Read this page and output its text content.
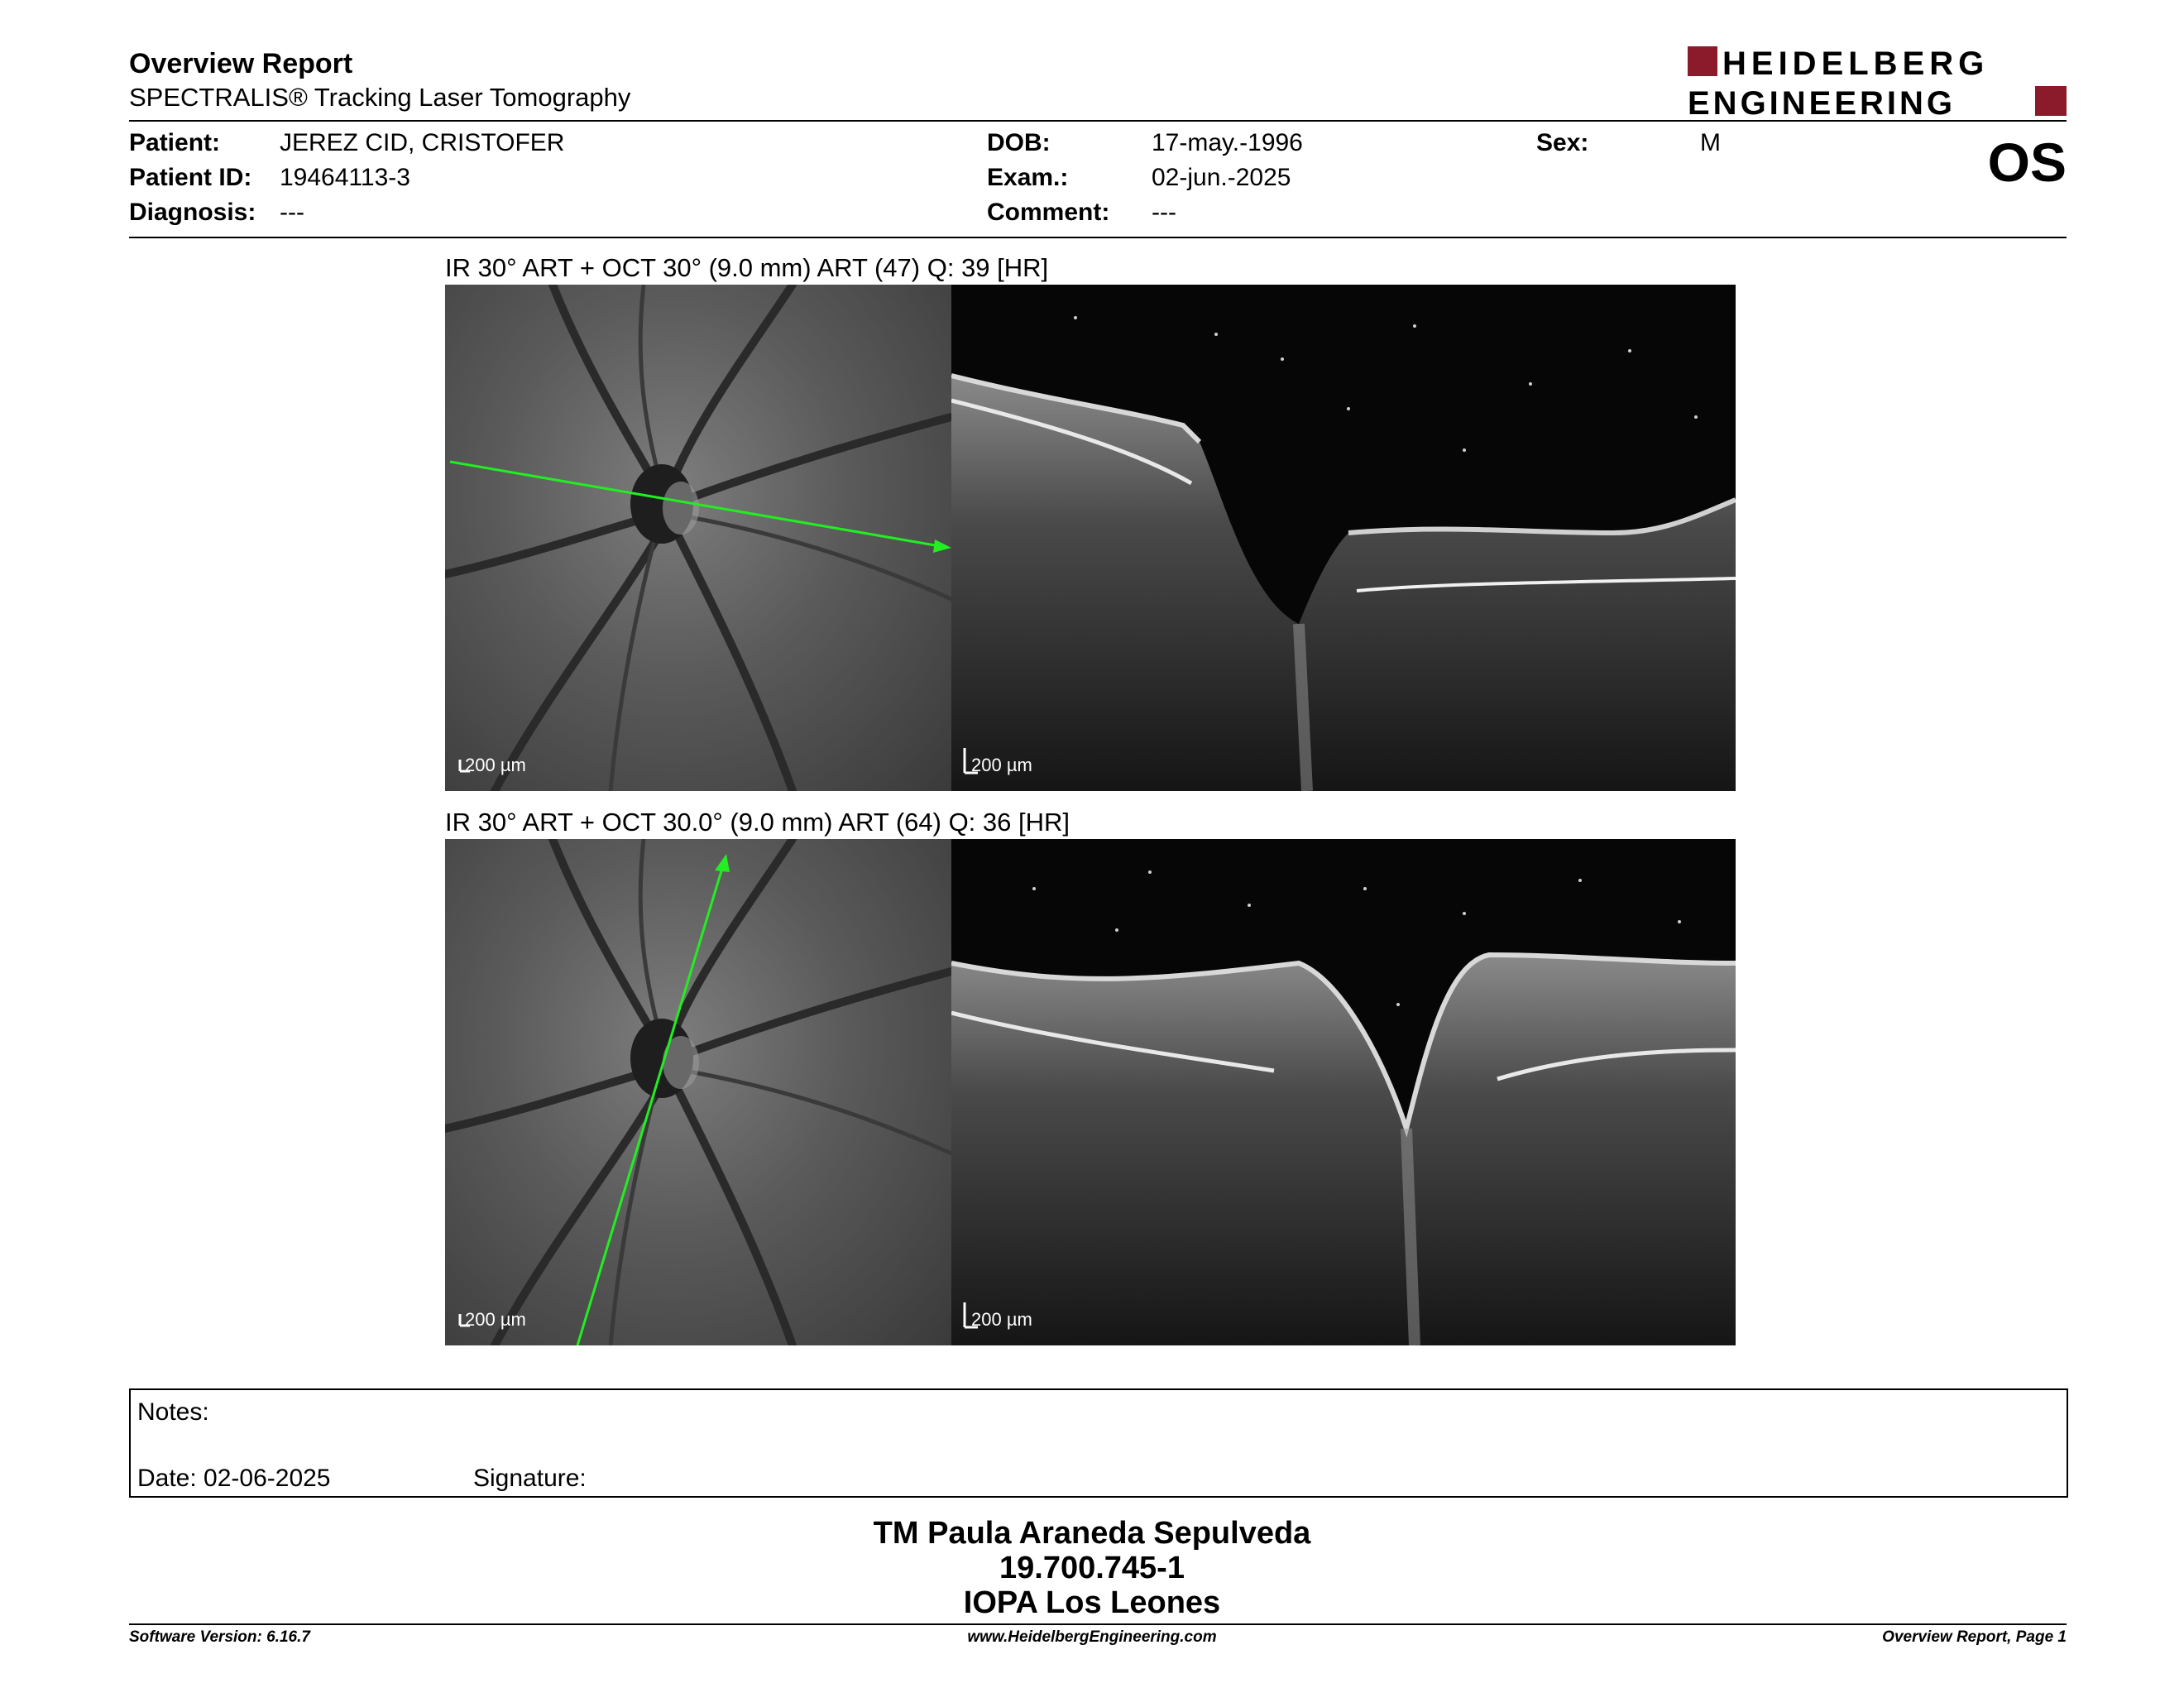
Overview Report
SPECTRALIS® Tracking Laser Tomography
HEIDELBERG
ENGINEERING
Patient: JEREZ CID, CRISTOFER
Patient ID: 19464113-3
Diagnosis: ---
DOB:	17-may.-1996
Exam.:	02-jun.-2025
Comment: ---
Sex:	M	OS
IR 30° ART + OCT 30° (9.0 mm) ART (47) Q: 39 [HR]
200 µm	200 µm
IR 30° ART + OCT 30.0° (9.0 mm) ART (64) Q: 36 [HR]
200 µm	200 µm
Notes:
Date: 02-06-2025	Signature:
TM Paula Araneda Sepulveda
19.700.745-1
IOPA Los Leones
Software Version: 6.16.7	www.HeidelbergEngineering.com	Overview Report, Page 1
